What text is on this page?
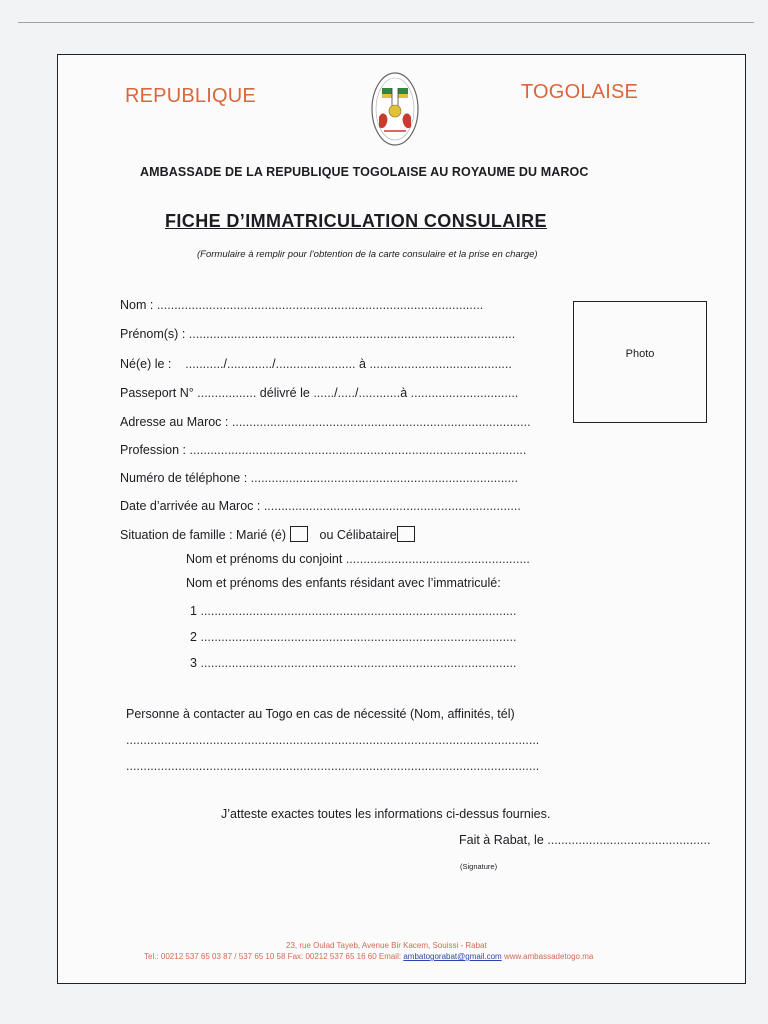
REPUBLIQUE	TOGOLAISE
AMBASSADE DE LA REPUBLIQUE TOGOLAISE AU ROYAUME DU MAROC
FICHE D’IMMATRICULATION CONSULAIRE
(Formulaire à remplir pour l’obtention de la carte consulaire et la prise en charge)
Photo
Nom : ..............................................................................................
Prénom(s) : ..............................................................................................
Né(e) le :    .........../............./....................... à .........................................
Passeport N° ................. délivré le ....../...../............à ...............................
Adresse au Maroc : ......................................................................................
Profession : .................................................................................................
Numéro de téléphone : .............................................................................
Date d’arrivée au Maroc : ..........................................................................
Situation de famille : Marié (é)	ou Célibataire
Nom et prénoms du conjoint .....................................................
Nom et prénoms des enfants résidant avec l’immatriculé:
1 ...........................................................................................
2 ...........................................................................................
3 ...........................................................................................
Personne à contacter au Togo en cas de nécessité (Nom, affinités, tél)
.......................................................................................................................
.......................................................................................................................
J’atteste exactes toutes les informations ci-dessus fournies.
Fait à Rabat, le ...............................................
(Signature)
23, rue Oulad Tayeb, Avenue Bir Kacem, Souissi - Rabat
Tel.: 00212 537 65 03 87 / 537 65 10 58 Fax: 00212 537 65 16 60 Email: ambatogorabat@gmail.com www.ambassadetogo.ma
